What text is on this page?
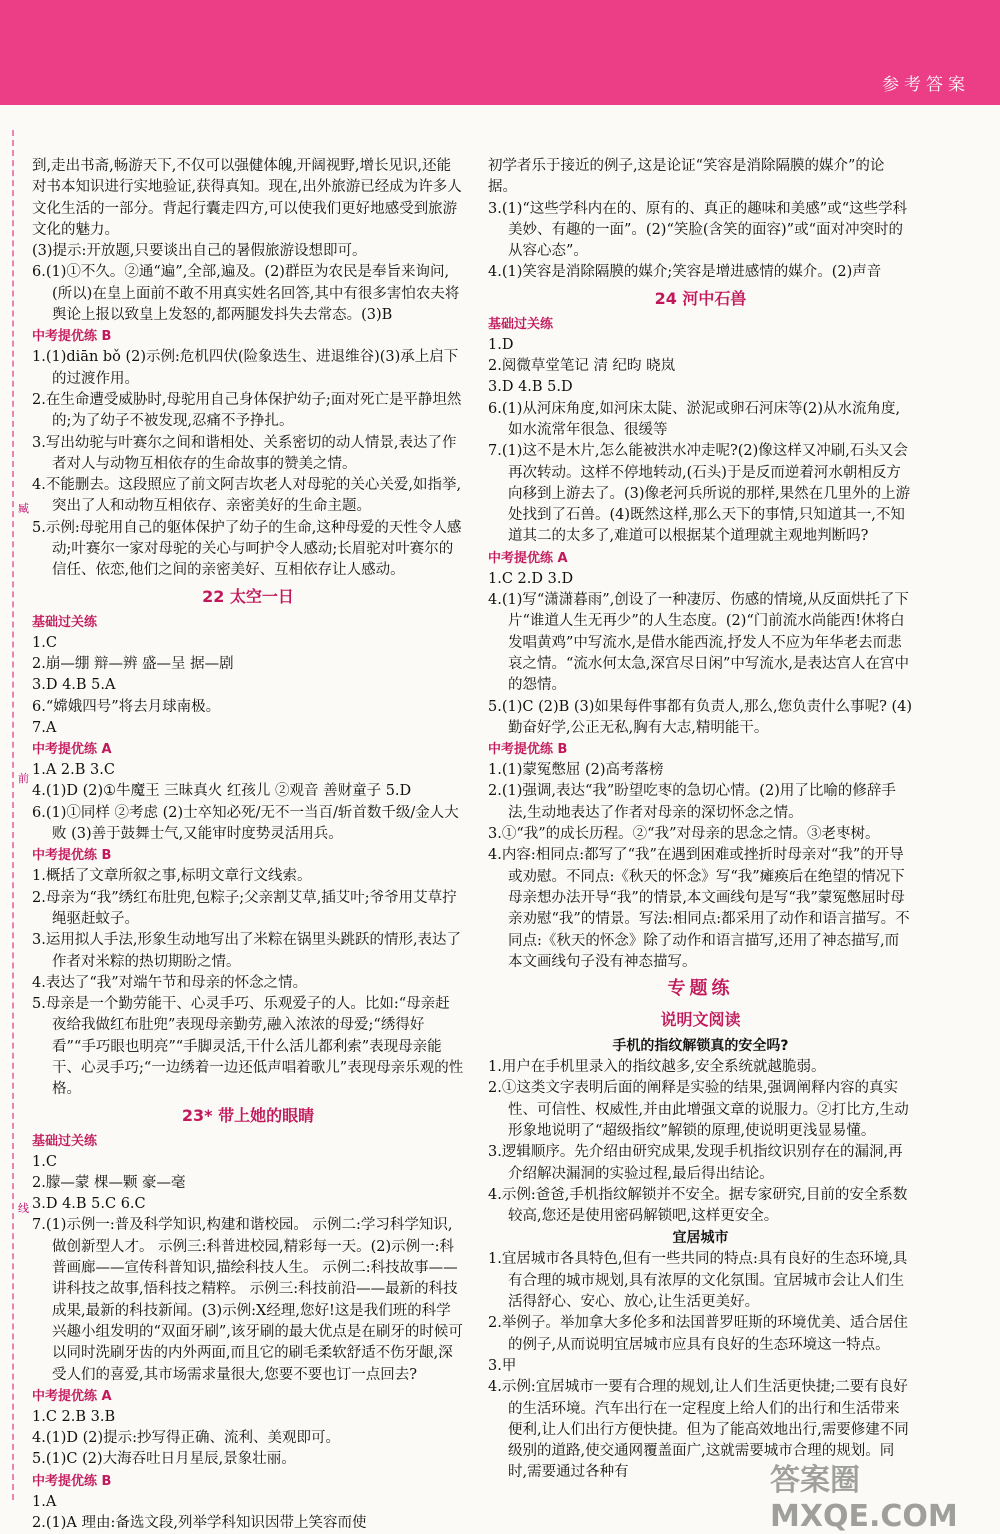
参考答案
臧
前
线
到,走出书斋,畅游天下,不仅可以强健体魄,开阔视野,增长见识,还能对书本知识进行实地验证,获得真知。现在,出外旅游已经成为许多人文化生活的一部分。背起行囊走四方,可以使我们更好地感受到旅游文化的魅力。
(3)提示:开放题,只要谈出自己的暑假旅游设想即可。
6.(1)①不久。②通“遍”,全部,遍及。(2)群臣为农民是奉旨来询问,(所以)在皇上面前不敢不用真实姓名回答,其中有很多害怕农夫将舆论上报以致皇上发怒的,都两腿发抖失去常态。(3)B
中考提优练 B
1.(1)diān bǒ (2)示例:危机四伏(险象迭生、进退维谷)(3)承上启下的过渡作用。
2.在生命遭受威胁时,母驼用自己身体保护幼子;面对死亡是平静坦然的;为了幼子不被发现,忍痛不予挣扎。
3.写出幼驼与叶赛尔之间和谐相处、关系密切的动人情景,表达了作者对人与动物互相依存的生命故事的赞美之情。
4.不能删去。这段照应了前文阿吉坎老人对母驼的关心关爱,如指挙,突出了人和动物互相依存、亲密美好的生命主题。
5.示例:母驼用自己的躯体保护了幼子的生命,这种母爱的天性令人感动;叶赛尔一家对母驼的关心与呵护令人感动;长眉驼对叶赛尔的信任、依恋,他们之间的亲密美好、互相依存让人感动。
22 太空一日
基础过关练
1.C
2.崩—绷 辩—辨 盛—呈 据—剧
3.D 4.B 5.A
6.“嫦娥四号”将去月球南极。
7.A
中考提优练 A
1.A 2.B 3.C
4.(1)D (2)①牛魔王 三昧真火 红孩儿 ②观音 善财童子 5.D
6.(1)①同样 ②考虑 (2)士卒知必死/无不一当百/斩首数千级/金人大败 (3)善于鼓舞士气,又能审时度势灵活用兵。
中考提优练 B
1.概括了文章所叙之事,标明文章行文线索。
2.母亲为“我”绣红布肚兜,包粽子;父亲割艾草,插艾叶;爷爷用艾草拧绳驱赶蚊子。
3.运用拟人手法,形象生动地写出了米粽在锅里头跳跃的情形,表达了作者对米粽的热切期盼之情。
4.表达了“我”对端午节和母亲的怀念之情。
5.母亲是一个勤劳能干、心灵手巧、乐观爱子的人。比如:“母亲赶夜给我做红布肚兜”表现母亲勤劳,融入浓浓的母爱;“绣得好看”“手巧眼也明亮”“手脚灵活,干什么活儿都利索”表现母亲能干、心灵手巧;“一边绣着一边还低声唱着歌儿”表现母亲乐观的性格。
23* 带上她的眼睛
基础过关练
1.C
2.朦—蒙 棵—颗 豪—毫
3.D 4.B 5.C 6.C
7.(1)示例一:普及科学知识,构建和谐校园。 示例二:学习科学知识,做创新型人才。 示例三:科普进校园,精彩每一天。(2)示例一:科普画廊——宣传科普知识,描绘科技人生。 示例二:科技故事——讲科技之故事,悟科技之精粹。 示例三:科技前沿——最新的科技成果,最新的科技新闻。(3)示例:X经理,您好!这是我们班的科学兴趣小组发明的“双面牙刷”,该牙刷的最大优点是在刷牙的时候可以同时洗刷牙齿的内外两面,而且它的刷毛柔软舒适不伤牙龈,深受人们的喜爱,其市场需求量很大,您要不要也订一点回去?
中考提优练 A
1.C 2.B 3.B
4.(1)D (2)提示:抄写得正确、流利、美观即可。
5.(1)C (2)大海吞吐日月星辰,景象壮丽。
中考提优练 B
1.A
2.(1)A 理由:备选文段,列举学科知识因带上笑容而使
初学者乐于接近的例子,这是论证“笑容是消除隔膜的媒介”的论据。
3.(1)“这些学科内在的、原有的、真正的趣味和美感”或“这些学科美妙、有趣的一面”。(2)“笑脸(含笑的面容)”或“面对冲突时的从容心态”。
4.(1)笑容是消除隔膜的媒介;笑容是增进感情的媒介。(2)声音
24 河中石兽
基础过关练
1.D
2.阅微草堂笔记 清 纪昀 晓岚
3.D 4.B 5.D
6.(1)从河床角度,如河床太陡、淤泥或卵石河床等(2)从水流角度,如水流常年很急、很缓等
7.(1)这不是木片,怎么能被洪水冲走呢?(2)像这样又冲刷,石头又会再次转动。这样不停地转动,(石头)于是反而逆着河水朝相反方向移到上游去了。(3)像老河兵所说的那样,果然在几里外的上游处找到了石兽。(4)既然这样,那么天下的事情,只知道其一,不知道其二的太多了,难道可以根据某个道理就主观地判断吗?
中考提优练 A
1.C 2.D 3.D
4.(1)写“潇潇暮雨”,创设了一种凄厉、伤感的情境,从反面烘托了下片“谁道人生无再少”的人生态度。(2)“门前流水尚能西!休将白发唱黄鸡”中写流水,是借水能西流,抒发人不应为年华老去而悲哀之情。“流水何太急,深宫尽日闲”中写流水,是表达宫人在宫中的怨情。
5.(1)C (2)B (3)如果每件事都有负责人,那么,您负责什么事呢? (4)勤奋好学,公正无私,胸有大志,精明能干。
中考提优练 B
1.(1)蒙冤憋屈 (2)高考落榜
2.(1)强调,表达“我”盼望吃枣的急切心情。(2)用了比喻的修辞手法,生动地表达了作者对母亲的深切怀念之情。
3.①“我”的成长历程。②“我”对母亲的思念之情。③老枣树。
4.内容:相同点:都写了“我”在遇到困难或挫折时母亲对“我”的开导或劝慰。不同点:《秋天的怀念》写“我”瘫痪后在绝望的情况下母亲想办法开导“我”的情景,本文画线句是写“我”蒙冤憋屈时母亲劝慰“我”的情景。写法:相同点:都采用了动作和语言描写。不同点:《秋天的怀念》除了动作和语言描写,还用了神态描写,而本文画线句子没有神态描写。
专题练
说明文阅读
手机的指纹解锁真的安全吗?
1.用户在手机里录入的指纹越多,安全系统就越脆弱。
2.①这类文字表明后面的阐释是实验的结果,强调阐释内容的真实性、可信性、权威性,并由此增强文章的说服力。②打比方,生动形象地说明了“超级指纹”解锁的原理,使说明更浅显易懂。
3.逻辑顺序。先介绍由研究成果,发现手机指纹识别存在的漏洞,再介绍解决漏洞的实验过程,最后得出结论。
4.示例:爸爸,手机指纹解锁并不安全。据专家研究,目前的安全系数较高,您还是使用密码解锁吧,这样更安全。
宜居城市
1.宜居城市各具特色,但有一些共同的特点:具有良好的生态环境,具有合理的城市规划,具有浓厚的文化氛围。宜居城市会让人们生活得舒心、安心、放心,让生活更美好。
2.举例子。举加拿大多伦多和法国普罗旺斯的环境优美、适合居住的例子,从而说明宜居城市应具有良好的生态环境这一特点。
3.甲
4.示例:宜居城市一要有合理的规划,让人们生活更快捷;二要有良好的生活环境。汽车出行在一定程度上给人们的出行和生活带来便利,让人们出行方便快捷。但为了能高效地出行,需要修建不同级别的道路,使交通网覆盖面广,这就需要城市合理的规划。同时,需要通过各种有	答案圈 MXQE.COM
